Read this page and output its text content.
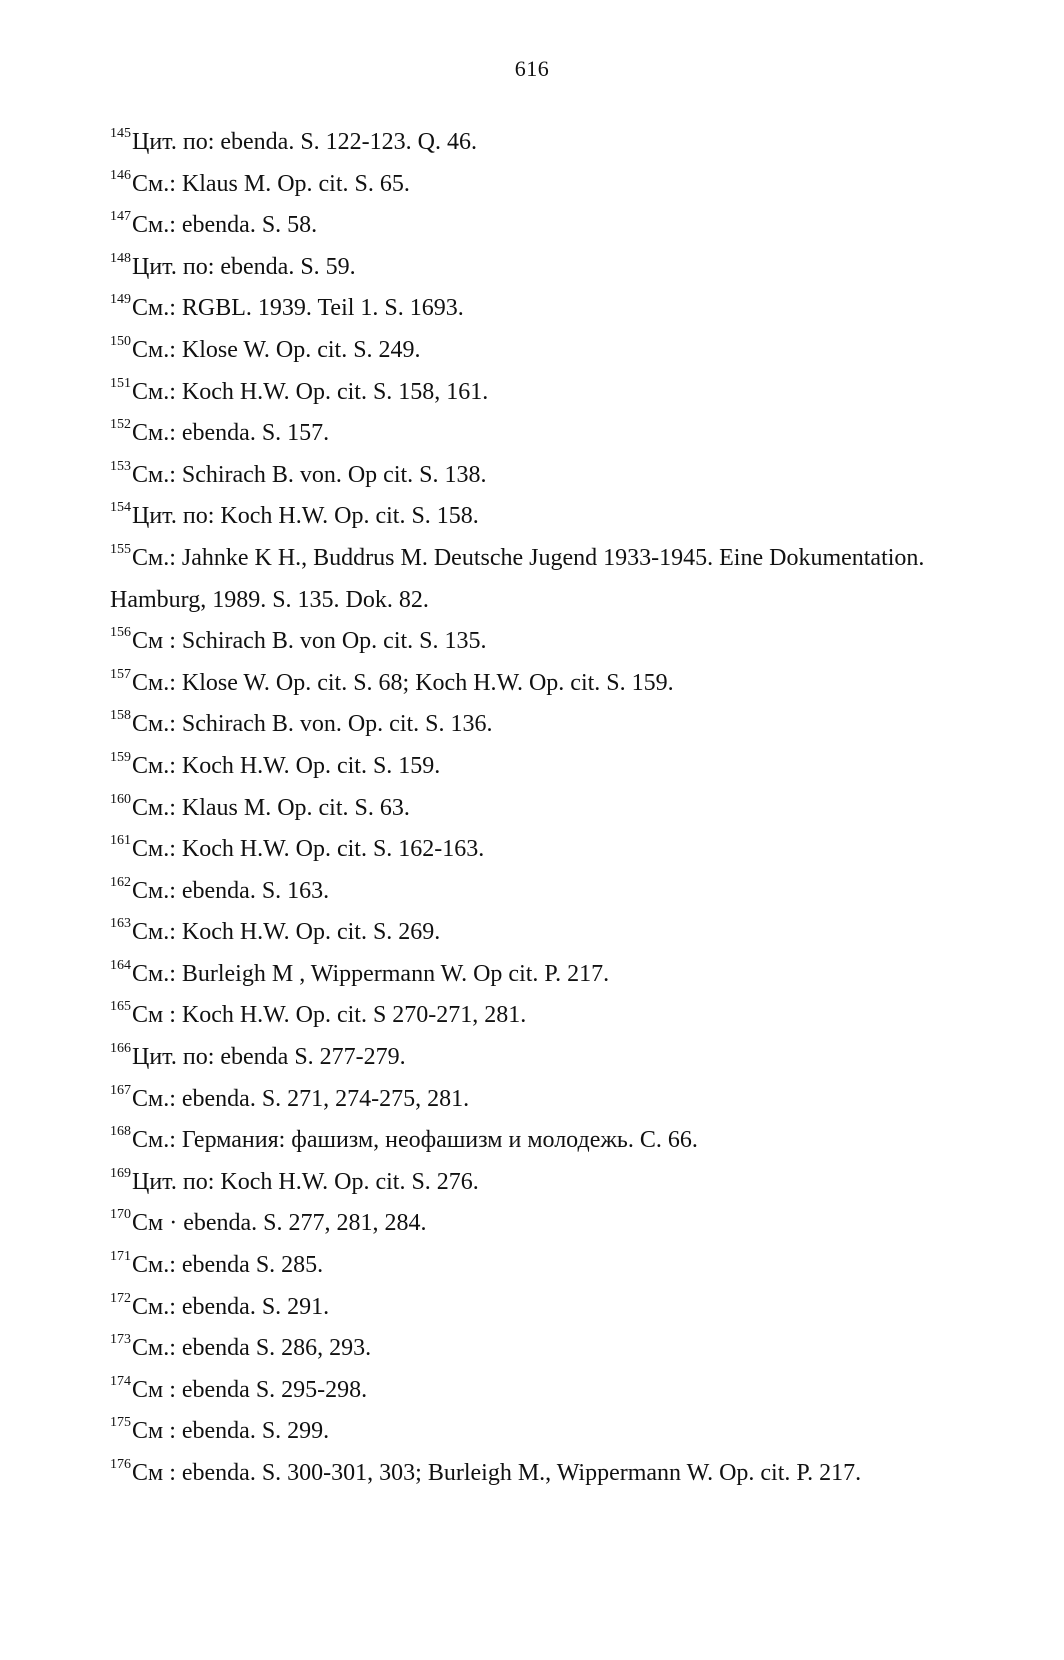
616
$^{145}$Цит. по: ebenda. S. 122-123. Q. 46.
$^{146}$См.: Klaus M. Op. cit. S. 65.
$^{147}$См.: ebenda. S. 58.
$^{148}$Цит. по: ebenda. S. 59.
$^{149}$См.: RGBL. 1939. Teil 1. S. 1693.
$^{150}$См.: Klose W. Op. cit. S. 249.
$^{151}$См.: Koch H.W. Op. cit. S. 158, 161.
$^{152}$См.: ebenda. S. 157.
$^{153}$См.: Schirach B. von. Op cit. S. 138.
$^{154}$Цит. по: Koch H.W. Op. cit. S. 158.
$^{155}$См.: Jahnke K H., Buddrus M. Deutsche Jugend 1933-1945. Eine Dokumentation. Hamburg, 1989. S. 135. Dok. 82.
$^{156}$См : Schirach B. von Op. cit. S. 135.
$^{157}$См.: Klose W. Op. cit. S. 68; Koch H.W. Op. cit. S. 159.
$^{158}$См.: Schirach B. von. Op. cit. S. 136.
$^{159}$См.: Koch H.W. Op. cit. S. 159.
$^{160}$См.: Klaus M. Op. cit. S. 63.
$^{161}$См.: Koch H.W. Op. cit. S. 162-163.
$^{162}$См.: ebenda. S. 163.
$^{163}$См.: Koch H.W. Op. cit. S. 269.
$^{164}$См.: Burleigh M , Wippermann W. Op cit. P. 217.
$^{165}$См : Koch H.W. Op. cit. S 270-271, 281.
$^{166}$Цит. по: ebenda S. 277-279.
$^{167}$См.: ebenda. S. 271, 274-275, 281.
$^{168}$См.: Германия: фашизм, неофашизм и молодежь. С. 66.
$^{169}$Цит. по: Koch H.W. Op. cit. S. 276.
$^{170}$См · ebenda. S. 277, 281, 284.
$^{171}$См.: ebenda S. 285.
$^{172}$См.: ebenda. S. 291.
$^{173}$См.: ebenda S. 286, 293.
$^{174}$См : ebenda S. 295-298.
$^{175}$См : ebenda. S. 299.
$^{176}$См : ebenda. S. 300-301, 303; Burleigh M., Wippermann W. Op. cit. P. 217.
